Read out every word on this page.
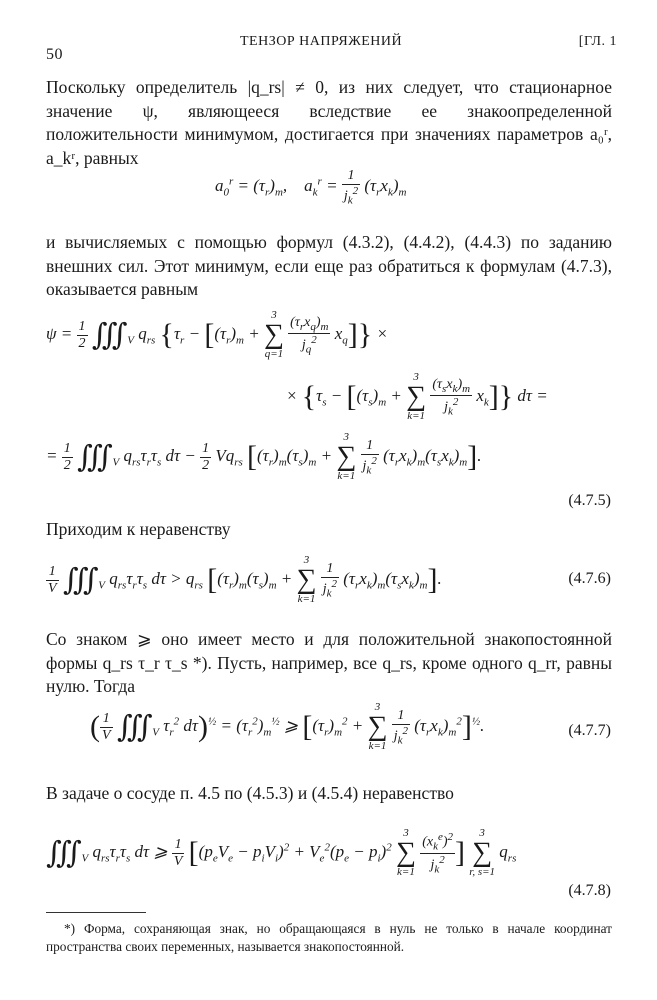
50
ТЕНЗОР НАПРЯЖЕНИЙ	[ГЛ. 1

Поскольку определитель |q_rs| ≠ 0, из них следует, что стационарное значение ψ, являющееся вследствие ее знакоопределенной положительности минимумом, достигается при значениях параметров a₀ʳ, a_kʳ, равных

$a_0^r = (\tau_r)_m$,    $a_k^r = \frac{1}{j_k^2} (\tau_rx_k)_m$

и вычисляемых с помощью формул (4.3.2), (4.4.2), (4.4.3) по заданию внешних сил. Этот минимум, если еще раз обратиться к формулам (4.7.3), оказывается равным

$\psi = \frac{1}{2}$ $∭_V$ $q_{rs}$ {$\tau_r - [(\tau_r)_m + 3$
∑
$q=1 \frac{(\tau_rx_q)_m}{j_q^2} x_q$]} ×
× {$\tau_s - [(\tau_s)_m + 3$
∑
$k=1 \frac{(\tau_sx_k)_m}{j_k^2} x_k$]} dτ =
= $\frac{1}{2}$ $∭_V$ $q_{rs}\tau_r\tau_s$ $d\tau - \frac{1}{2} Vq_{rs}$ [$(\tau_r)_m(\tau_s)_m + 3$
∑
$k=1 \frac{1}{j_k^2} (\tau_rx_k)_m(\tau_sx_k)_m$].
(4.7.5)

Приходим к неравенству

$\frac{1}{V}$ $∭_V$ $q_{rs}\tau_r\tau_s$ $d\tau > q_{rs}$ [$(\tau_r)_m(\tau_s)_m + 3$
∑
$k=1 \frac{1}{j_k^2} (\tau_rx_k)_m(\tau_sx_k)_m$].	(4.7.6)

Со знаком ⩾ оно имеет место и для положительной знакопостоянной формы q_rs τ_r τ_s *). Пусть, например, все q_rs, кроме одного q_rr, равны нулю. Тогда

( $\frac{1}{V}$ $∭_V$ $\tau_r^2$ $d\tau)^{\frac{1}{2}} = (\tau_r^2)_m^{\frac{1}{2}}$ ⩾ [$(\tau_r)_m^2 + 3$
∑
$k=1 \frac{1}{j_k^2} (\tau_rx_k)_m^2]^{\frac{1}{2}}$.	(4.7.7)

В задаче о сосуде п. 4.5 по (4.5.3) и (4.5.4) неравенство

$∭_V$ $q_{rs}\tau_r\tau_s$ dτ ⩾ $\frac{1}{V} [(p_eV_e - p_iV_i)^2 + V_e^2(p_e - p_i)^2$ 3
∑
$k=1 \frac{(x_k^e)^2}{j_k^2}$ ] 3
∑
r, s=1 $q_{rs}$
(4.7.8)

*) Форма, сохраняющая знак, но обращающаяся в нуль не только в начале координат пространства своих переменных, называется знакопостоянной.
